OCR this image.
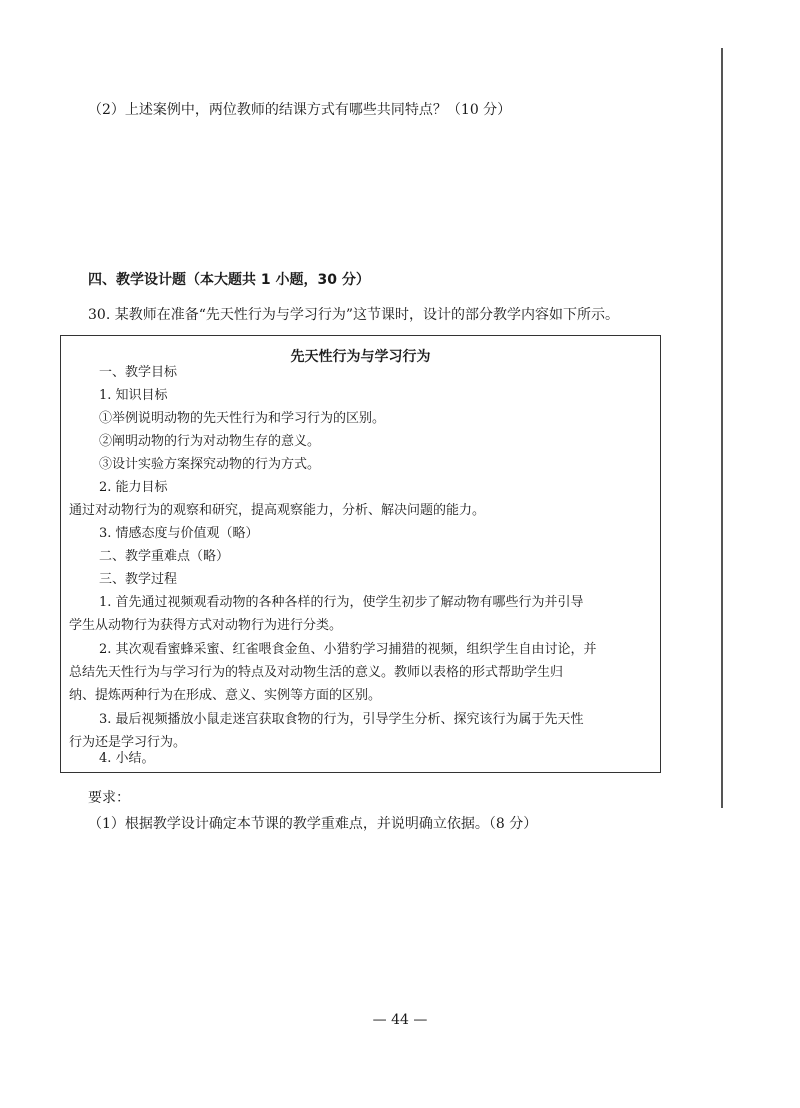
（2）上述案例中，两位教师的结课方式有哪些共同特点？（10 分）
四、教学设计题（本大题共 1 小题，30 分）
30. 某教师在准备“先天性行为与学习行为”这节课时，设计的部分教学内容如下所示。
先天性行为与学习行为
一、教学目标
1. 知识目标
①举例说明动物的先天性行为和学习行为的区别。
②阐明动物的行为对动物生存的意义。
③设计实验方案探究动物的行为方式。
2. 能力目标
通过对动物行为的观察和研究，提高观察能力，分析、解决问题的能力。
3. 情感态度与价值观（略）
二、教学重难点（略）
三、教学过程
1. 首先通过视频观看动物的各种各样的行为，使学生初步了解动物有哪些行为并引导
学生从动物行为获得方式对动物行为进行分类。
2. 其次观看蜜蜂采蜜、红雀喂食金鱼、小猎豹学习捕猎的视频，组织学生自由讨论，并
总结先天性行为与学习行为的特点及对动物生活的意义。教师以表格的形式帮助学生归
纳、提炼两种行为在形成、意义、实例等方面的区别。
3. 最后视频播放小鼠走迷宫获取食物的行为，引导学生分析、探究该行为属于先天性
行为还是学习行为。
4. 小结。
要求：
（1）根据教学设计确定本节课的教学重难点，并说明确立依据。（8 分）
— 44 —
